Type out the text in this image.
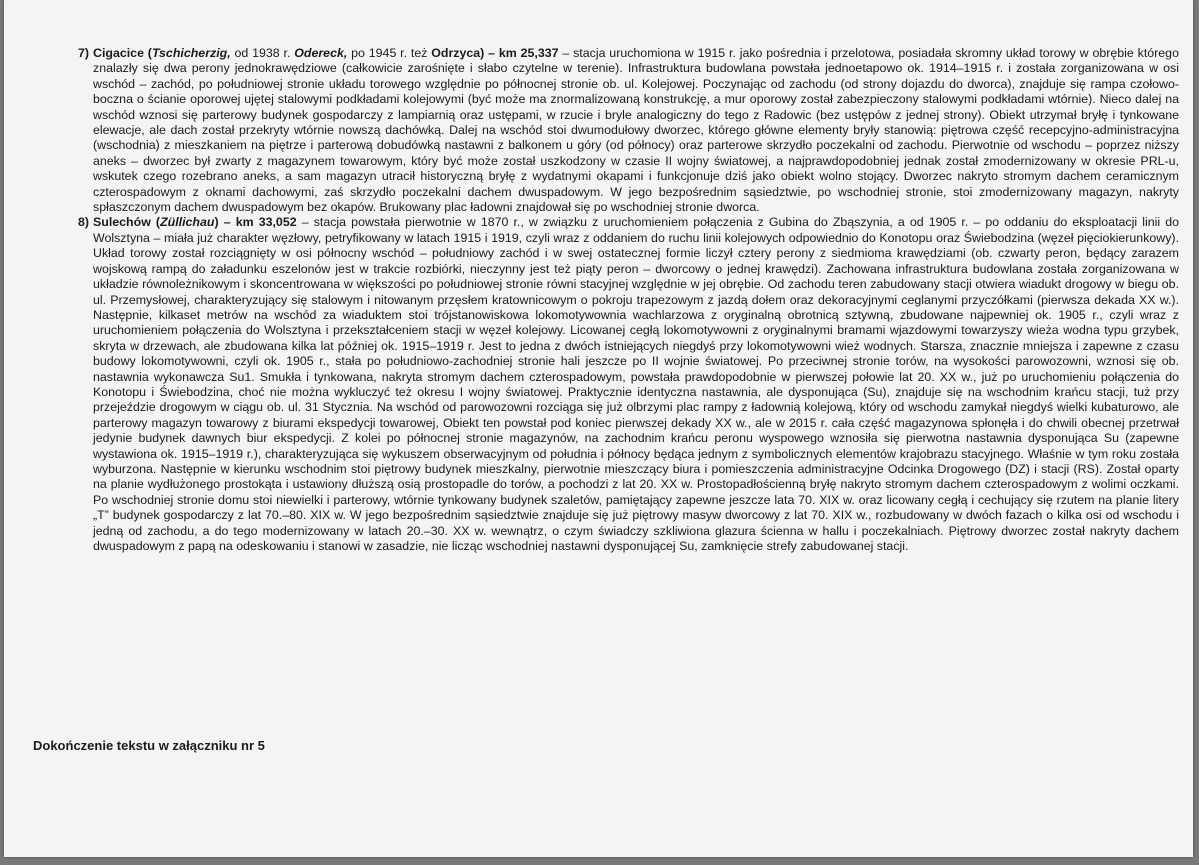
7) Cigacice (Tschicherzig, od 1938 r. Odereck, po 1945 r. też Odrzyca) – km 25,337 – stacja uruchomiona w 1915 r. jako pośrednia i przelotowa, posiadała skromny układ torowy w obrębie którego znalazły się dwa perony jednokrawędziowe (całkowicie zarośnięte i słabo czytelne w terenie). Infrastruktura budowlana powstała jednoetapowo ok. 1914–1915 r. i została zorganizowana w osi wschód – zachód, po południowej stronie układu torowego względnie po północnej stronie ob. ul. Kolejowej. Poczynając od zachodu (od strony dojazdu do dworca), znajduje się rampa czołowo-boczna o ścianie oporowej ujętej stalowymi podkładami kolejowymi (być może ma znormalizowaną konstrukcję, a mur oporowy został zabezpieczony stalowymi podkładami wtórnie). Nieco dalej na wschód wznosi się parterowy budynek gospodarczy z lampiarnią oraz ustępami, w rzucie i bryle analogiczny do tego z Radowic (bez ustępów z jednej strony). Obiekt utrzymał bryłę i tynkowane elewacje, ale dach został przekryty wtórnie nowszą dachówką. Dalej na wschód stoi dwumodułowy dworzec, którego główne elementy bryły stanowią: piętrowa część recepcyjno-administracyjna (wschodnia) z mieszkaniem na piętrze i parterową dobudówką nastawni z balkonem u góry (od północy) oraz parterowe skrzydło poczekalni od zachodu. Pierwotnie od wschodu – poprzez niższy aneks – dworzec był zwarty z magazynem towarowym, który być może został uszkodzony w czasie II wojny światowej, a najprawdopodobniej jednak został zmodernizowany w okresie PRL-u, wskutek czego rozebrano aneks, a sam magazyn utracił historyczną bryłę z wydatnymi okapami i funkcjonuje dziś jako obiekt wolno stojący. Dworzec nakryto stromym dachem ceramicznym czterospadowym z oknami dachowymi, zaś skrzydło poczekalni dachem dwuspadowym. W jego bezpośrednim sąsiedztwie, po wschodniej stronie, stoi zmodernizowany magazyn, nakryty spłaszczonym dachem dwuspadowym bez okapów. Brukowany plac ładowni znajdował się po wschodniej stronie dworca.

8) Sulechów (Züllichau) – km 33,052 – stacja powstała pierwotnie w 1870 r., w związku z uruchomieniem połączenia z Gubina do Zbąszynia, a od 1905 r. – po oddaniu do eksploatacji linii do Wolsztyna – miała już charakter węzłowy, petryfikowany w latach 1915 i 1919, czyli wraz z oddaniem do ruchu linii kolejowych odpowiednio do Konotopu oraz Świebodzina (węzeł pięciokierunkowy). Układ torowy został rozciągnięty w osi północny wschód – południowy zachód i w swej ostatecznej formie liczył cztery perony z siedmioma krawędziami (ob. czwarty peron, będący zarazem wojskową rampą do załadunku eszelonów jest w trakcie rozbiórki, nieczynny jest też piąty peron – dworcowy o jednej krawędzi). Zachowana infrastruktura budowlana została zorganizowana w układzie równoleżnikowym i skoncentrowana w większości po południowej stronie równi stacyjnej względnie w jej obrębie. Od zachodu teren zabudowany stacji otwiera wiadukt drogowy w biegu ob. ul. Przemysłowej, charakteryzujący się stalowym i nitowanym przęsłem kratownicowym o pokroju trapezowym z jazdą dołem oraz dekoracyjnymi ceglanymi przyczółkami (pierwsza dekada XX w.). Następnie, kilkaset metrów na wschód za wiaduktem stoi trójstanowiskowa lokomotywownia wachlarzowa z oryginalną obrotnicą sztywną, zbudowane najpewniej ok. 1905 r., czyli wraz z uruchomieniem połączenia do Wolsztyna i przekształceniem stacji w węzeł kolejowy. Licowanej cegłą lokomotywowni z oryginalnymi bramami wjazdowymi towarzyszy wieża wodna typu grzybek, skryta w drzewach, ale zbudowana kilka lat później ok. 1915–1919 r. Jest to jedna z dwóch istniejących niegdyś przy lokomotywowni wież wodnych. Starsza, znacznie mniejsza i zapewne z czasu budowy lokomotywowni, czyli ok. 1905 r., stała po południowo-zachodniej stronie hali jeszcze po II wojnie światowej. Po przeciwnej stronie torów, na wysokości parowozowni, wznosi się ob. nastawnia wykonawcza Su1. Smukła i tynkowana, nakryta stromym dachem czterospadowym, powstała prawdopodobnie w pierwszej połowie lat 20. XX w., już po uruchomieniu połączenia do Konotopu i Świebodzina, choć nie można wykluczyć też okresu I wojny światowej. Praktycznie identyczna nastawnia, ale dysponująca (Su), znajduje się na wschodnim krańcu stacji, tuż przy przejeździe drogowym w ciągu ob. ul. 31 Stycznia. Na wschód od parowozowni rozciąga się już olbrzymi plac rampy z ładownią kolejową, który od wschodu zamykał niegdyś wielki kubaturowo, ale parterowy magazyn towarowy z biurami ekspedycji towarowej, Obiekt ten powstał pod koniec pierwszej dekady XX w., ale w 2015 r. cała część magazynowa spłonęła i do chwili obecnej przetrwał jedynie budynek dawnych biur ekspedycji. Z kolei po północnej stronie magazynów, na zachodnim krańcu peronu wyspowego wznosiła się pierwotna nastawnia dysponująca Su (zapewne wystawiona ok. 1915–1919 r.), charakteryzująca się wykuszem obserwacyjnym od południa i północy będąca jednym z symbolicznych elementów krajobrazu stacyjnego. Właśnie w tym roku została wyburzona. Następnie w kierunku wschodnim stoi piętrowy budynek mieszkalny, pierwotnie mieszczący biura i pomieszczenia administracyjne Odcinka Drogowego (DZ) i stacji (RS). Został oparty na planie wydłużonego prostokąta i ustawiony dłuższą osią prostopadle do torów, a pochodzi z lat 20. XX w. Prostopadłościenną bryłę nakryto stromym dachem czterospadowym z wolimi oczkami. Po wschodniej stronie domu stoi niewielki i parterowy, wtórnie tynkowany budynek szaletów, pamiętający zapewne jeszcze lata 70. XIX w. oraz licowany cegłą i cechujący się rzutem na planie litery „T” budynek gospodarczy z lat 70.–80. XIX w. W jego bezpośrednim sąsiedztwie znajduje się już piętrowy masyw dworcowy z lat 70. XIX w., rozbudowany w dwóch fazach o kilka osi od wschodu i jedną od zachodu, a do tego modernizowany w latach 20.–30. XX w. wewnątrz, o czym świadczy szkliwiona glazura ścienna w hallu i poczekalniach. Piętrowy dworzec został nakryty dachem dwuspadowym z papą na odeskowaniu i stanowi w zasadzie, nie licząc wschodniej nastawni dysponującej Su, zamknięcie strefy zabudowanej stacji.

Dokończenie tekstu w załączniku nr 5
